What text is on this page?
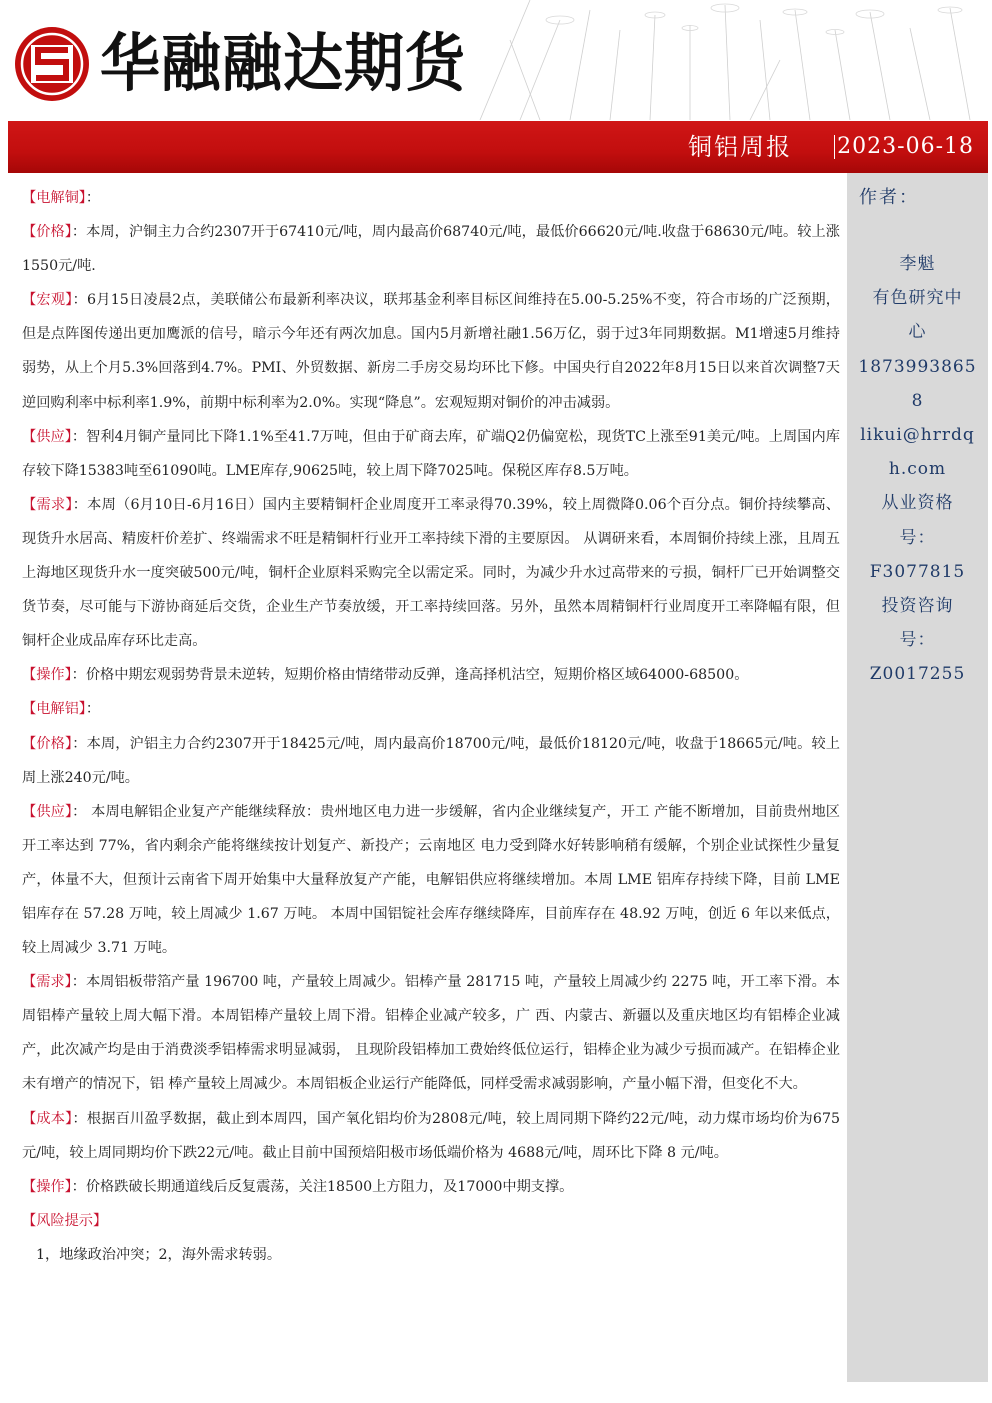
华融融达期货
铜铝周报 2023-06-18
作者：
李魁
有色研究中
心
18739938658
likui@hrrdq
h.com
从业资格
号：
F3077815
投资咨询
号：
Z0017255

【电解铜】：

【价格】：本周，沪铜主力合约2307开于67410元/吨，周内最高价68740元/吨，最低价66620元/吨.收盘于68630元/吨。较上涨1550元/吨.

【宏观】：6月15日凌晨2点，美联储公布最新利率决议，联邦基金利率目标区间维持在5.00-5.25%不变，符合市场的广泛预期，但是点阵图传递出更加鹰派的信号，暗示今年还有两次加息。国内5月新增社融1.56万亿，弱于过3年同期数据。M1增速5月维持弱势，从上个月5.3%回落到4.7%。PMI、外贸数据、新房二手房交易均环比下修。中国央行自2022年8月15日以来首次调整7天逆回购利率中标利率1.9%，前期中标利率为2.0%。实现“降息”。宏观短期对铜价的冲击减弱。

【供应】：智利4月铜产量同比下降1.1%至41.7万吨，但由于矿商去库，矿端Q2仍偏宽松，现货TC上涨至91美元/吨。上周国内库存较下降15383吨至61090吨。LME库存,90625吨，较上周下降7025吨。保税区库存8.5万吨。

【需求】：本周（6月10日-6月16日）国内主要精铜杆企业周度开工率录得70.39%，较上周微降0.06个百分点。铜价持续攀高、现货升水居高、精废杆价差扩、终端需求不旺是精铜杆行业开工率持续下滑的主要原因。 从调研来看，本周铜价持续上涨，且周五上海地区现货升水一度突破500元/吨，铜杆企业原料采购完全以需定采。同时，为减少升水过高带来的亏损，铜杆厂已开始调整交货节奏，尽可能与下游协商延后交货，企业生产节奏放缓，开工率持续回落。另外，虽然本周精铜杆行业周度开工率降幅有限，但铜杆企业成品库存环比走高。

【操作】：价格中期宏观弱势背景未逆转，短期价格由情绪带动反弹，逢高择机沽空，短期价格区域64000-68500。

【电解铝】：

【价格】：本周，沪铝主力合约2307开于18425元/吨，周内最高价18700元/吨，最低价18120元/吨，收盘于18665元/吨。较上周上涨240元/吨。

【供应】： 本周电解铝企业复产产能继续释放：贵州地区电力进一步缓解，省内企业继续复产，开工 产能不断增加，目前贵州地区开工率达到 77%，省内剩余产能将继续按计划复产、新投产；云南地区 电力受到降水好转影响稍有缓解，个别企业试探性少量复产，体量不大，但预计云南省下周开始集中大量释放复产产能，电解铝供应将继续增加。本周 LME 铝库存持续下降，目前 LME 铝库存在 57.28 万吨，较上周减少 1.67 万吨。 本周中国铝锭社会库存继续降库，目前库存在 48.92 万吨，创近 6 年以来低点，较上周减少 3.71 万吨。

【需求】：本周铝板带箔产量 196700 吨，产量较上周减少。铝棒产量 281715 吨，产量较上周减少约 2275 吨，开工率下滑。本周铝棒产量较上周大幅下滑。本周铝棒产量较上周下滑。铝棒企业减产较多，广 西、内蒙古、新疆以及重庆地区均有铝棒企业减产，此次减产均是由于消费淡季铝棒需求明显减弱， 且现阶段铝棒加工费始终低位运行，铝棒企业为减少亏损而减产。在铝棒企业未有增产的情况下，铝 棒产量较上周减少。本周铝板企业运行产能降低，同样受需求减弱影响，产量小幅下滑，但变化不大。

【成本】：根据百川盈孚数据，截止到本周四，国产氧化铝均价为2808元/吨，较上周同期下降约22元/吨，动力煤市场均价为675元/吨，较上周同期均价下跌22元/吨。截止目前中国预焙阳极市场低端价格为 4688元/吨，周环比下降 8 元/吨。

【操作】：价格跌破长期通道线后反复震荡，关注18500上方阻力，及17000中期支撑。

【风险提示】

1，地缘政治冲突；2，海外需求转弱。
